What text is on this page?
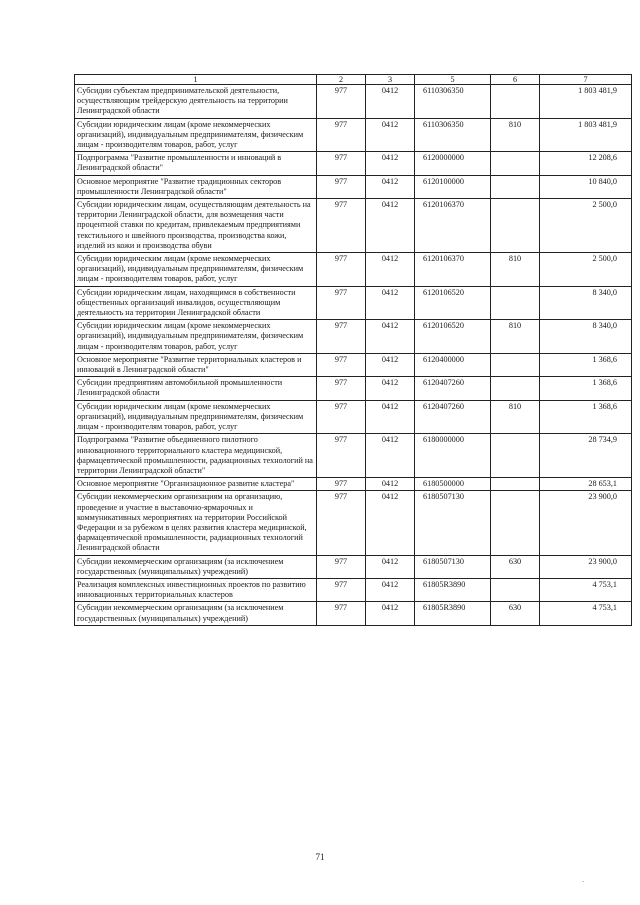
1	2	3	5	6	7
Субсидии субъектам предпринимательской деятельности, осуществляющим трейдерскую деятельность на территории Ленинградской области	977	0412	6110306350		1 803 481,9
Субсидии юридическим лицам (кроме некоммерческих организаций), индивидуальным предпринимателям, физическим лицам - производителям товаров, работ, услуг	977	0412	6110306350	810	1 803 481,9
Подпрограмма "Развитие промышленности и инноваций в Ленинградской области"	977	0412	6120000000		12 208,6
Основное мероприятие "Развитие традиционных секторов промышленности Ленинградской области"	977	0412	6120100000		10 840,0
Субсидии юридическим лицам, осуществляющим деятельность на территории Ленинградской области, для возмещения части процентной ставки по кредитам, привлекаемым предприятиями текстильного и швейного производства, производства кожи, изделий из кожи и производства обуви	977	0412	6120106370		2 500,0
Субсидии юридическим лицам (кроме некоммерческих организаций), индивидуальным предпринимателям, физическим лицам - производителям товаров, работ, услуг	977	0412	6120106370	810	2 500,0
Субсидии юридическим лицам, находящимся в собственности общественных организаций инвалидов, осуществляющим деятельность на территории Ленинградской области	977	0412	6120106520		8 340,0
Субсидии юридическим лицам (кроме некоммерческих организаций), индивидуальным предпринимателям, физическим лицам - производителям товаров, работ, услуг	977	0412	6120106520	810	8 340,0
Основное мероприятие "Развитие территориальных кластеров и инноваций в Ленинградской области"	977	0412	6120400000		1 368,6
Субсидии предприятиям автомобильной промышленности Ленинградской области	977	0412	6120407260		1 368,6
Субсидии юридическим лицам (кроме некоммерческих организаций), индивидуальным предпринимателям, физическим лицам - производителям товаров, работ, услуг	977	0412	6120407260	810	1 368,6
Подпрограмма "Развитие объединенного пилотного инновационного территориального кластера медицинской, фармацевтической промышленности, радиационных технологий на территории Ленинградской области"	977	0412	6180000000		28 734,9
Основное мероприятие "Организационное развитие кластера"	977	0412	6180500000		28 653,1
Субсидии некоммерческим организациям на организацию, проведение и участие в выставочно-ярмарочных и коммуникативных мероприятиях на территории Российской Федерации и за рубежом в целях развития кластера медицинской, фармацевтической промышленности, радиационных технологий Ленинградской области	977	0412	6180507130		23 900,0
Субсидии некоммерческим организациям (за исключением государственных (муниципальных) учреждений)	977	0412	6180507130	630	23 900,0
Реализация комплексных инвестиционных проектов по развитию инновационных территориальных кластеров	977	0412	61805R3890		4 753,1
Субсидии некоммерческим организациям (за исключением государственных (муниципальных) учреждений)	977	0412	61805R3890	630	4 753,1
71
·
